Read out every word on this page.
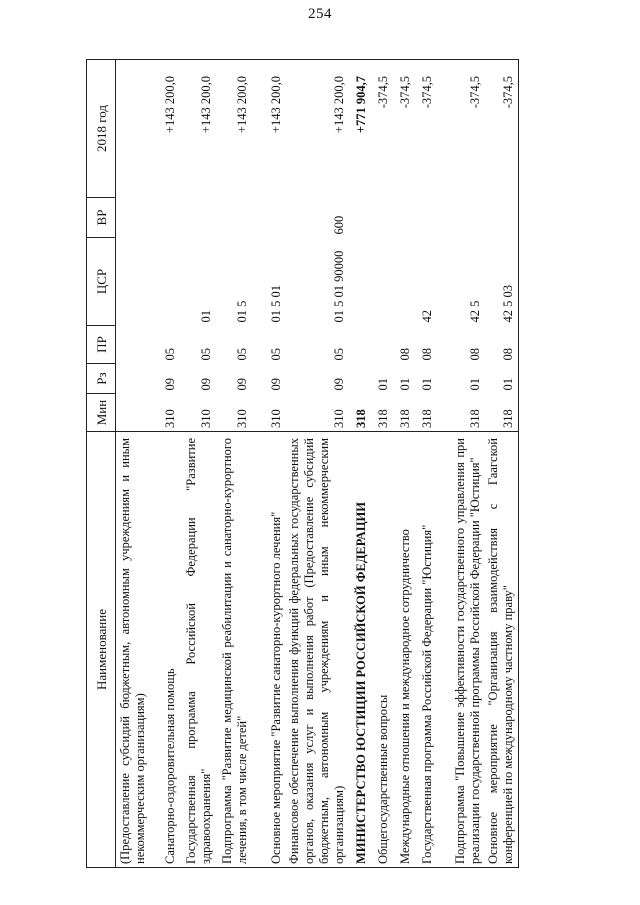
254
Наименование	Мин	Рз	ПР	ЦСР	ВР	2018 год
(Предоставление субсидий бюджетным, автономным учреждениям и иным некоммерческим организациям)						
Санаторно-оздоровительная помощь	310	09	05			+143 200,0
Государственная программа Российской Федерации "Развитие здравоохранения"	310	09	05	01		+143 200,0
Подпрограмма "Развитие медицинской реабилитации и санаторно-курортного лечения, в том числе детей"	310	09	05	01 5		+143 200,0
Основное мероприятие "Развитие санаторно-курортного лечения"	310	09	05	01 5 01		+143 200,0
Финансовое обеспечение выполнения функций федеральных государственных органов, оказания услуг и выполнения работ (Предоставление субсидий бюджетным, автономным учреждениям и иным некоммерческим организациям)	310	09	05	01 5 01 90000	600	+143 200,0
МИНИСТЕРСТВО ЮСТИЦИИ РОССИЙСКОЙ ФЕДЕРАЦИИ	318					+771 904,7
Общегосударственные вопросы	318	01				-374,5
Международные отношения и международное сотрудничество	318	01	08			-374,5
Государственная программа Российской Федерации "Юстиция"	318	01	08	42		-374,5
Подпрограмма "Повышение эффективности государственного управления при реализации государственной программы Российской Федерации "Юстиция"	318	01	08	42 5		-374,5
Основное мероприятие "Организация взаимодействия с Гаагской конференцией по международному частному праву"	318	01	08	42 5 03		-374,5
